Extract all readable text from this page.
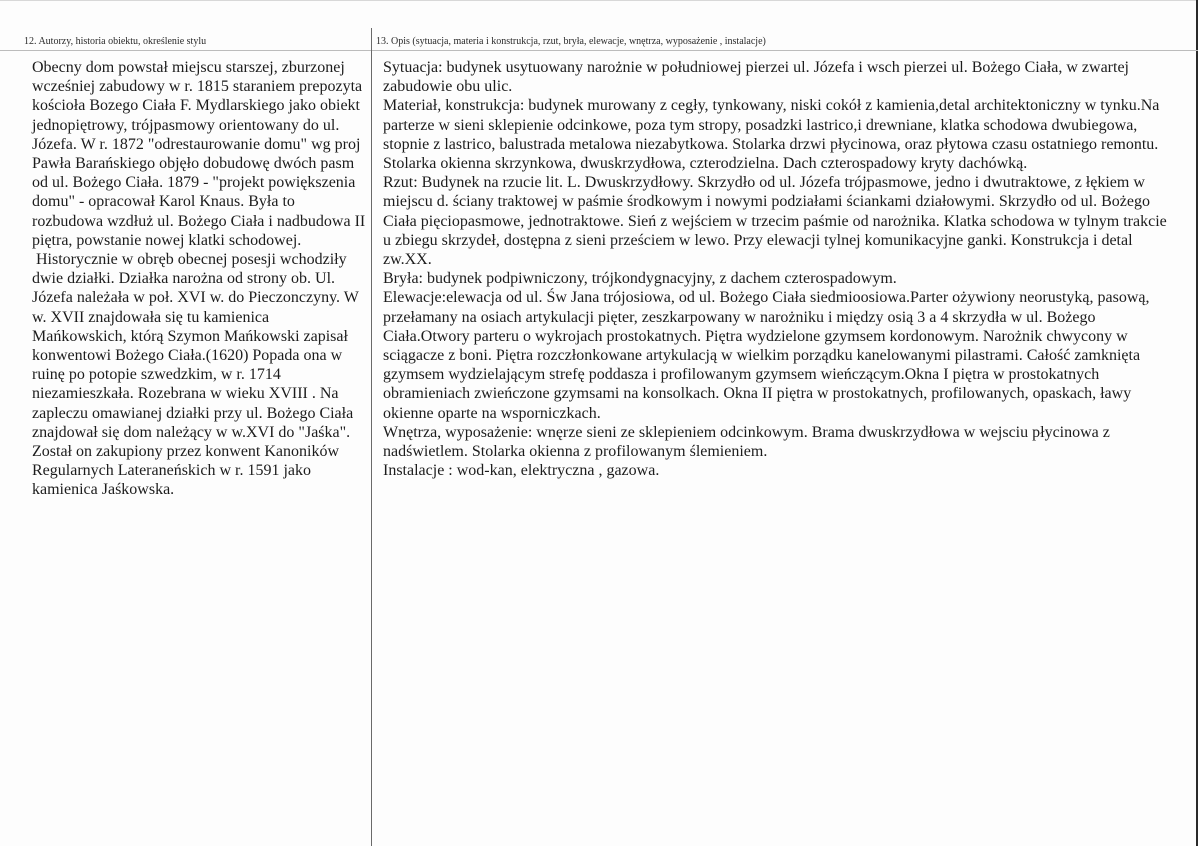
12. Autorzy, historia obiektu, określenie stylu	13. Opis (sytuacja, materia i konstrukcja, rzut, bryła, elewacje, wnętrza, wyposażenie , instalacje)

Obecny dom powstał miejscu starszej, zburzonej wcześniej zabudowy w r. 1815 staraniem prepozyta kościoła Bozego Ciała F. Mydlarskiego jako obiekt jednopiętrowy, trójpasmowy orientowany do ul. Józefa. W r. 1872 "odrestaurowanie domu" wg proj Pawła Barańskiego objęło dobudowę dwóch pasm od ul. Bożego Ciała. 1879 - "projekt powiększenia domu" - opracował Karol Knaus. Była to rozbudowa wzdłuż ul. Bożego Ciała i nadbudowa II piętra, powstanie nowej klatki schodowej.

Historycznie w obręb obecnej posesji wchodziły dwie działki. Działka narożna od strony ob. Ul. Józefa należała w poł. XVI w. do Pieczonczyny. W w. XVII znajdowała się tu kamienica Mańkowskich, którą Szymon Mańkowski zapisał konwentowi Bożego Ciała.(1620) Popada ona w ruinę po potopie szwedzkim, w r. 1714 niezamieszkała. Rozebrana w wieku XVIII . Na zapleczu omawianej działki przy ul. Bożego Ciała znajdował się dom należący w w.XVI do "Jaśka". Został on zakupiony przez konwent Kanoników Regularnych Lateraneńskich w r. 1591 jako kamienica Jaśkowska.

Sytuacja: budynek usytuowany narożnie w południowej pierzei ul. Józefa i wsch pierzei ul. Bożego Ciała, w zwartej zabudowie obu ulic.

Materiał, konstrukcja: budynek murowany z cegły, tynkowany, niski cokół z kamienia,detal architektoniczny w tynku.Na parterze w sieni sklepienie odcinkowe, poza tym stropy, posadzki lastrico,i drewniane, klatka schodowa dwubiegowa, stopnie z lastrico, balustrada metalowa niezabytkowa. Stolarka drzwi płycinowa, oraz płytowa czasu ostatniego remontu. Stolarka okienna skrzynkowa, dwuskrzydłowa, czterodzielna. Dach czterospadowy kryty dachówką.

Rzut: Budynek na rzucie lit. L. Dwuskrzydłowy. Skrzydło od ul. Józefa trójpasmowe, jedno i dwutraktowe, z łękiem w miejscu d. ściany traktowej w paśmie środkowym i nowymi podziałami ściankami działowymi. Skrzydło od ul. Bożego Ciała pięciopasmowe, jednotraktowe. Sień z wejściem w trzecim paśmie od narożnika. Klatka schodowa w tylnym trakcie u zbiegu skrzydeł, dostępna z sieni prześciem w lewo. Przy elewacji tylnej komunikacyjne ganki. Konstrukcja i detal zw.XX.

Bryła: budynek podpiwniczony, trójkondygnacyjny, z dachem czterospadowym.

Elewacje:elewacja od ul. Św Jana trójosiowa, od ul. Bożego Ciała siedmioosiowa.Parter ożywiony neorustyką, pasową, przełamany na osiach artykulacji pięter, zeszkarpowany w narożniku i między osią 3 a 4 skrzydła w ul. Bożego Ciała.Otwory parteru o wykrojach prostokatnych. Piętra wydzielone gzymsem kordonowym. Narożnik chwycony w sciągacze z boni. Piętra rozczłonkowane artykulacją w wielkim porządku kanelowanymi pilastrami. Całość zamknięta gzymsem wydzielającym strefę poddasza i profilowanym gzymsem wieńczącym.Okna I piętra w prostokatnych obramieniach zwieńczone gzymsami na konsolkach. Okna II piętra w prostokatnych, profilowanych, opaskach, ławy okienne oparte na wsporniczkach.

Wnętrza, wyposażenie: wnęrze sieni ze sklepieniem odcinkowym. Brama dwuskrzydłowa w wejsciu płycinowa z nadświetlem. Stolarka okienna z profilowanym ślemieniem.

Instalacje : wod-kan, elektryczna , gazowa.
